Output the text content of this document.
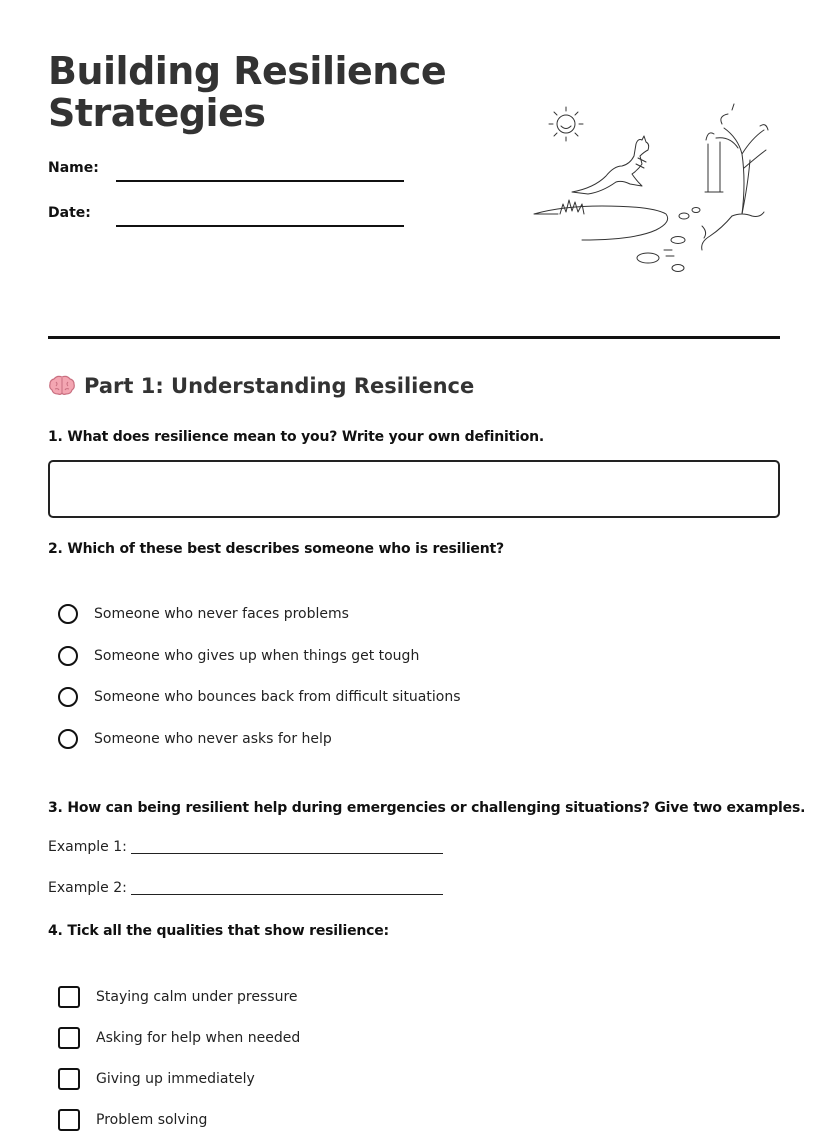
Building Resilience
Strategies
Name:
Date:
Part 1: Understanding Resilience
1. What does resilience mean to you? Write your own definition.
2. Which of these best describes someone who is resilient?
Someone who never faces problems
Someone who gives up when things get tough
Someone who bounces back from difficult situations
Someone who never asks for help
3. How can being resilient help during emergencies or challenging situations? Give two examples.
Example 1:
Example 2:
4. Tick all the qualities that show resilience:
Staying calm under pressure
Asking for help when needed
Giving up immediately
Problem solving
